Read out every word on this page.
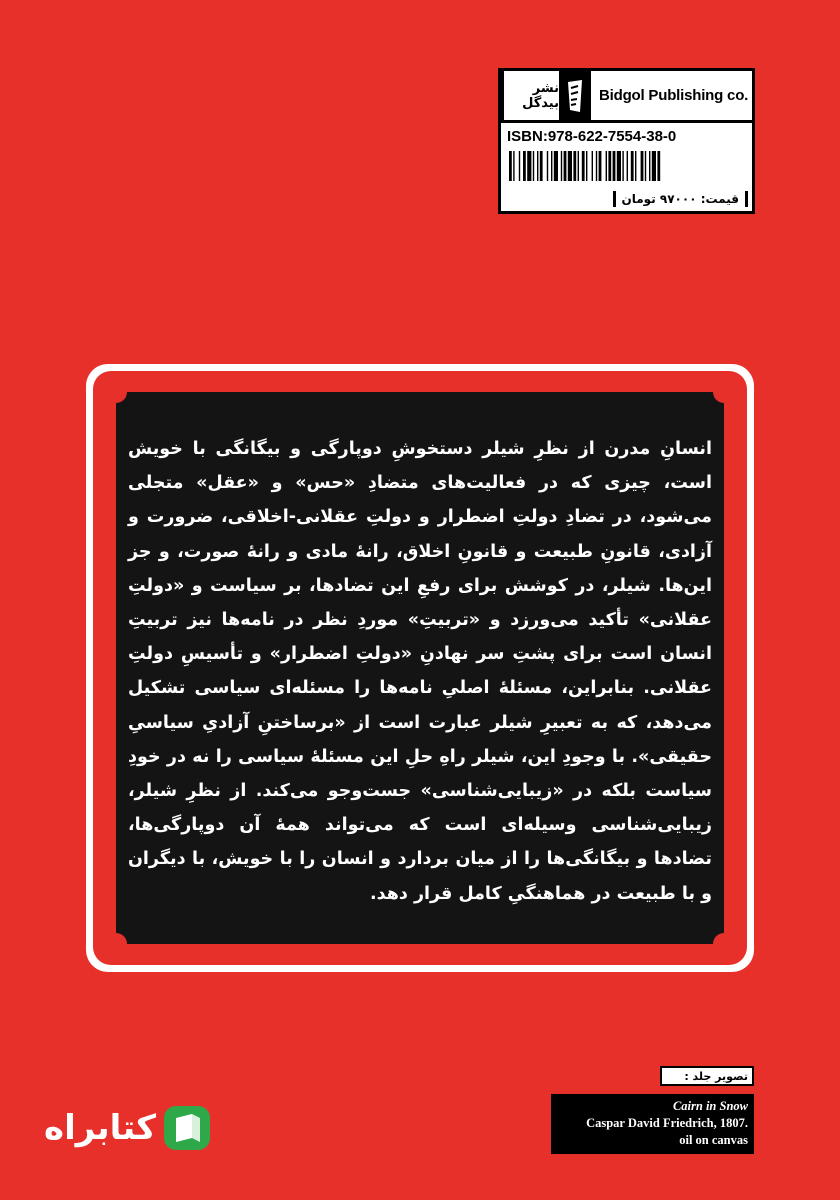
نشر بیدگل	Bidgol Publishing co.
ISBN:978-622-7554-38-0
قیمت: ۹۷۰۰۰ تومان

انسانِ مدرن از نظرِ شیلر دستخوشِ دوپارگی و بیگانگی با خویش است، چیزی که در فعالیت‌های متضادِ «حس» و «عقل» متجلی می‌شود، در تضادِ دولتِ اضطرار و دولتِ عقلانی-اخلاقی، ضرورت و آزادی، قانونِ طبیعت و قانونِ اخلاق، رانهٔ مادی و رانهٔ صورت، و جز این‌ها. شیلر، در کوشش برای رفعِ این تضادها، بر سیاست و «دولتِ عقلانی» تأکید می‌ورزد و «تربیتِ» موردِ نظر در نامه‌ها نیز تربیتِ انسان است برای پشتِ سر نهادنِ «دولتِ اضطرار» و تأسیسِ دولتِ عقلانی. بنابراین، مسئلهٔ اصلیِ نامه‌ها را مسئله‌ای سیاسی تشکیل می‌دهد، که به تعبیرِ شیلر عبارت است از «برساختنِ آزادیِ سیاسیِ حقیقی». با وجودِ این، شیلر راهِ حلِ این مسئلهٔ سیاسی را نه در خودِ سیاست بلکه در «زیبایی‌شناسی» جست‌وجو می‌کند. از نظرِ شیلر، زیبایی‌شناسی وسیله‌ای است که می‌تواند همهٔ آن دوپارگی‌ها، تضادها و بیگانگی‌ها را از میان بردارد و انسان را با خویش، با دیگران و با طبیعت در هماهنگیِ کامل قرار دهد.

تصویر جلد :
Cairn in Snow
Caspar David Friedrich, 1807.
oil on canvas
کتابراه
